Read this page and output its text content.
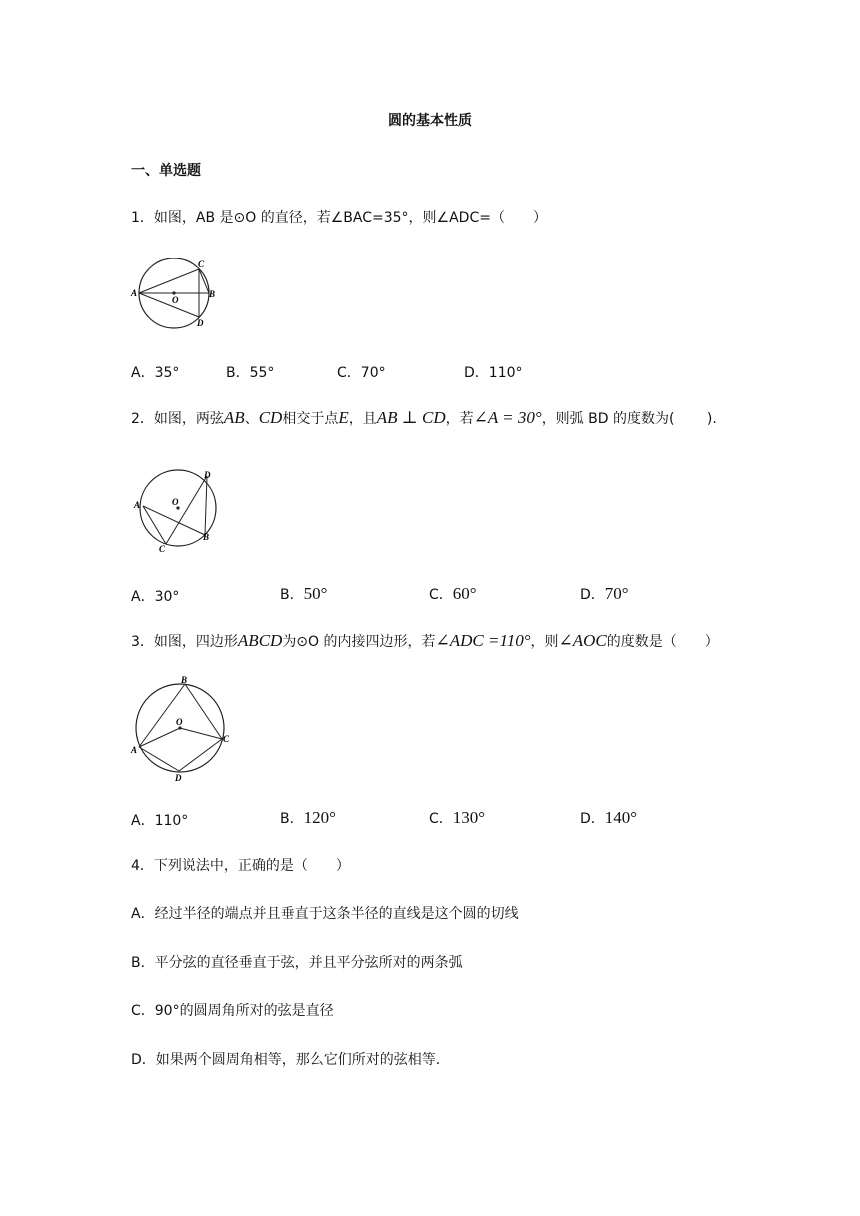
圆的基本性质
一、单选题
1．如图，AB 是⊙O 的直径，若∠BAC=35°，则∠ADC=（　　）
A
C
B
D
O
A．35°	B．55°	C．70°	D．110°
2．如图，两弦AB、CD相交于点E，且AB ⊥ CD，若∠A = 30°，则弧 BD 的度数为(　　 ).
A
D
O
C
B
A．30°	B．50°	C．60°	D．70°
3．如图，四边形ABCD为⊙O 的内接四边形，若∠ADC =110°，则∠AOC的度数是（　　）
B
O
A
C
D
A．110°	B．120°	C．130°	D．140°
4．下列说法中，正确的是（　　）
A．经过半径的端点并且垂直于这条半径的直线是这个圆的切线
B．平分弦的直径垂直于弦，并且平分弦所对的两条弧
C．90°的圆周角所对的弦是直径
D．如果两个圆周角相等，那么它们所对的弦相等.
